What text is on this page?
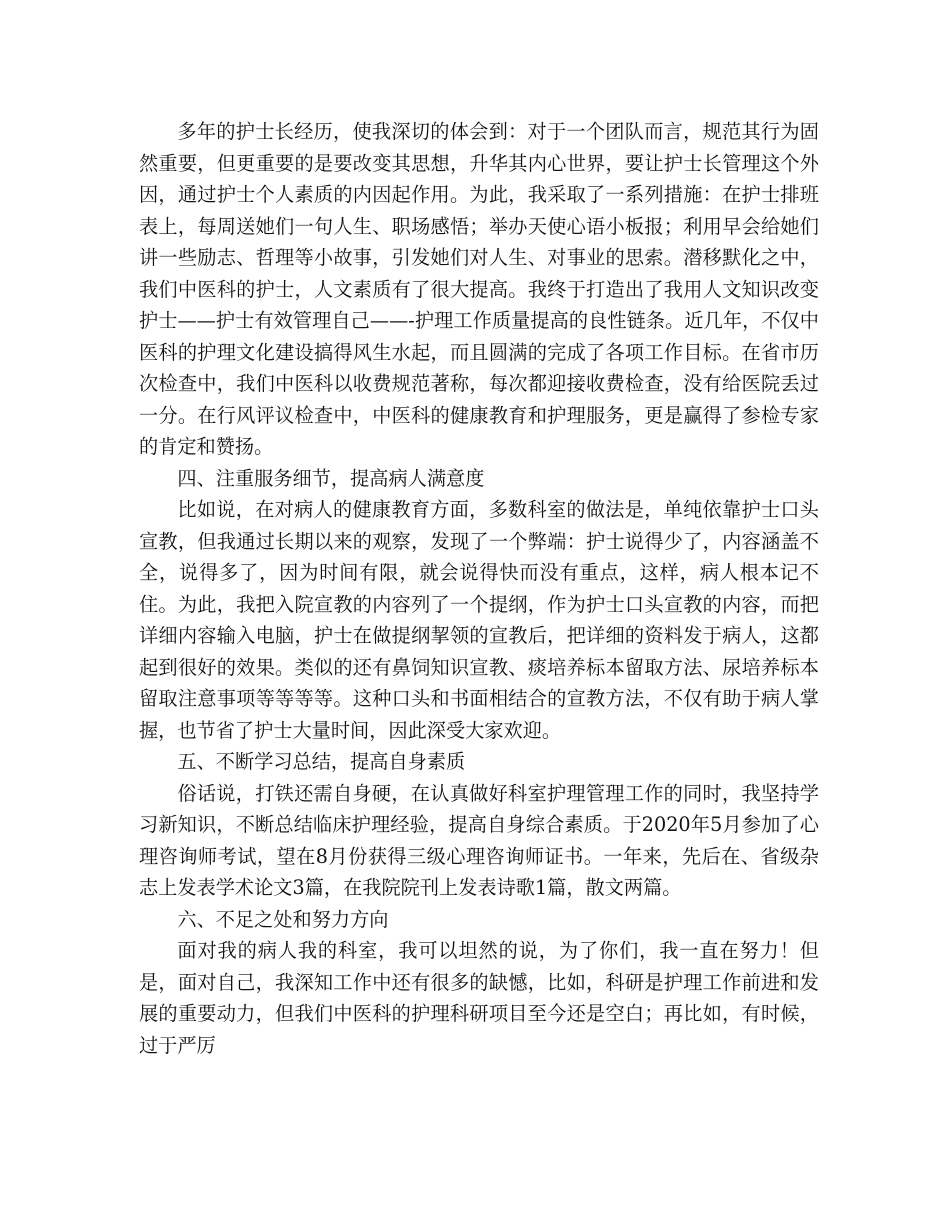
多年的护士长经历，使我深切的体会到：对于一个团队而言，规范其行为固然重要，但更重要的是要改变其思想，升华其内心世界，要让护士长管理这个外因，通过护士个人素质的内因起作用。为此，我采取了一系列措施：在护士排班表上，每周送她们一句人生、职场感悟；举办天使心语小板报；利用早会给她们讲一些励志、哲理等小故事，引发她们对人生、对事业的思索。潜移默化之中，我们中医科的护士，人文素质有了很大提高。我终于打造出了我用人文知识改变护士——护士有效管理自己——-护理工作质量提高的良性链条。近几年，不仅中医科的护理文化建设搞得风生水起，而且圆满的完成了各项工作目标。在省市历次检查中，我们中医科以收费规范著称，每次都迎接收费检查，没有给医院丢过一分。在行风评议检查中，中医科的健康教育和护理服务，更是赢得了参检专家的肯定和赞扬。

四、注重服务细节，提高病人满意度

比如说，在对病人的健康教育方面，多数科室的做法是，单纯依靠护士口头宣教，但我通过长期以来的观察，发现了一个弊端：护士说得少了，内容涵盖不全，说得多了，因为时间有限，就会说得快而没有重点，这样，病人根本记不住。为此，我把入院宣教的内容列了一个提纲，作为护士口头宣教的内容，而把详细内容输入电脑，护士在做提纲挈领的宣教后，把详细的资料发于病人，这都起到很好的效果。类似的还有鼻饲知识宣教、痰培养标本留取方法、尿培养标本留取注意事项等等等等。这种口头和书面相结合的宣教方法，不仅有助于病人掌握，也节省了护士大量时间，因此深受大家欢迎。

五、不断学习总结，提高自身素质

俗话说，打铁还需自身硬，在认真做好科室护理管理工作的同时，我坚持学习新知识，不断总结临床护理经验，提高自身综合素质。于2020年5月参加了心理咨询师考试，望在8月份获得三级心理咨询师证书。一年来，先后在、省级杂志上发表学术论文3篇，在我院院刊上发表诗歌1篇，散文两篇。

六、不足之处和努力方向

面对我的病人我的科室，我可以坦然的说，为了你们，我一直在努力！但是，面对自己，我深知工作中还有很多的缺憾，比如，科研是护理工作前进和发展的重要动力，但我们中医科的护理科研项目至今还是空白；再比如，有时候，过于严厉
